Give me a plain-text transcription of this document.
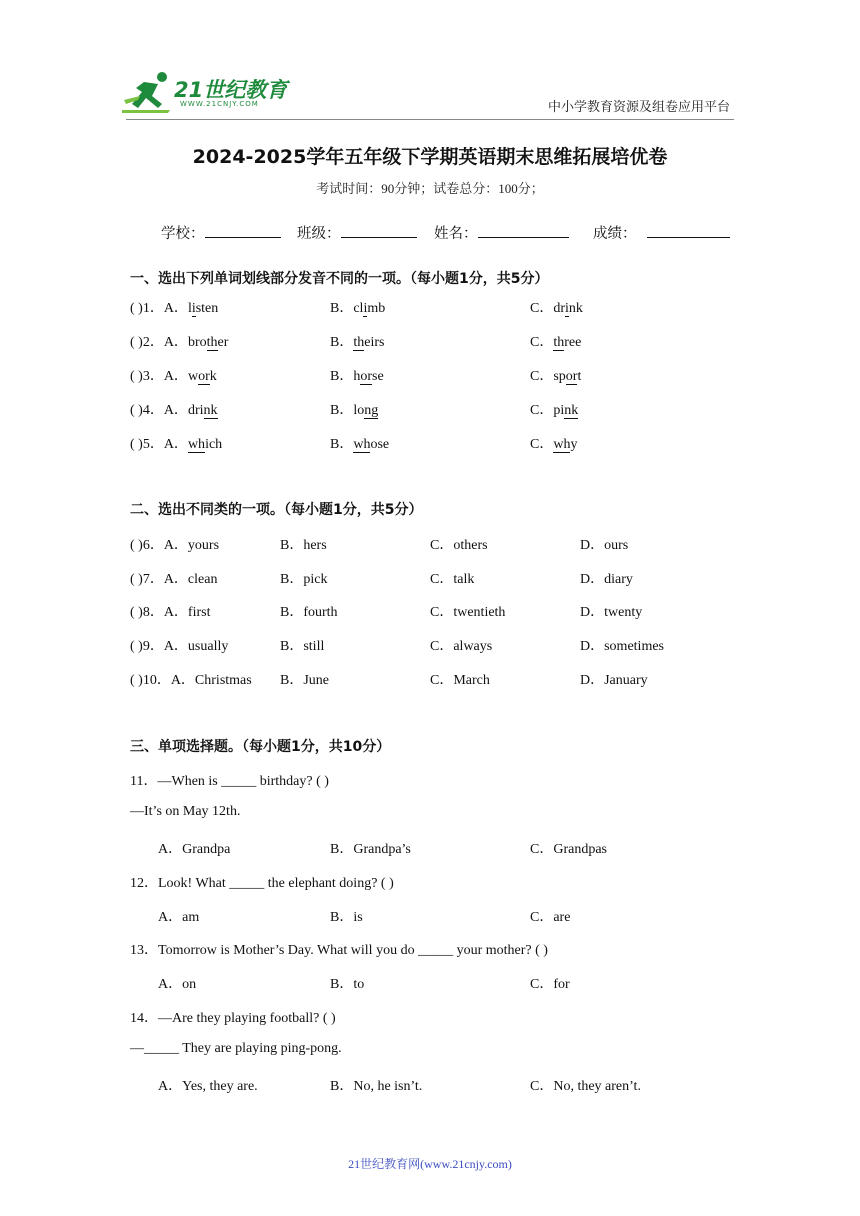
21世纪教育
WWW.21CNJY.COM	中小学教育资源及组卷应用平台
2024-2025学年五年级下学期英语期末思维拓展培优卷
考试时间：90分钟；试卷总分：100分；
学校：	班级：	姓名：	成绩：
一、选出下列单词划线部分发音不同的一项。（每小题1分，共5分）
( )1．A．listen	B．climb	C．drink
( )2．A．brother	B．theirs	C．three
( )3．A．work	B．horse	C．sport
( )4．A．drink	B．long	C．pink
( )5．A．which	B．whose	C．why
二、选出不同类的一项。（每小题1分，共5分）
( )6．A．yours	B．hers	C．others	D．ours
( )7．A．clean	B．pick	C．talk	D．diary
( )8．A．first	B．fourth	C．twentieth	D．twenty
( )9．A．usually	B．still	C．always	D．sometimes
( )10．A．Christmas B．June	C．March	D．January
三、单项选择题。（每小题1分，共10分）
11．—When is _____ birthday? ( )
—It’s on May 12th.
A．Grandpa	B．Grandpa’s	C．Grandpas
12．Look! What _____ the elephant doing? ( )
A．am	B．is	C．are
13．Tomorrow is Mother’s Day. What will you do _____ your mother? ( )
A．on	B．to	C．for
14．—Are they playing football? ( )
—_____ They are playing ping-pong.
A．Yes, they are.	B．No, he isn’t.	C．No, they aren’t.
21世纪教育网(www.21cnjy.com)
